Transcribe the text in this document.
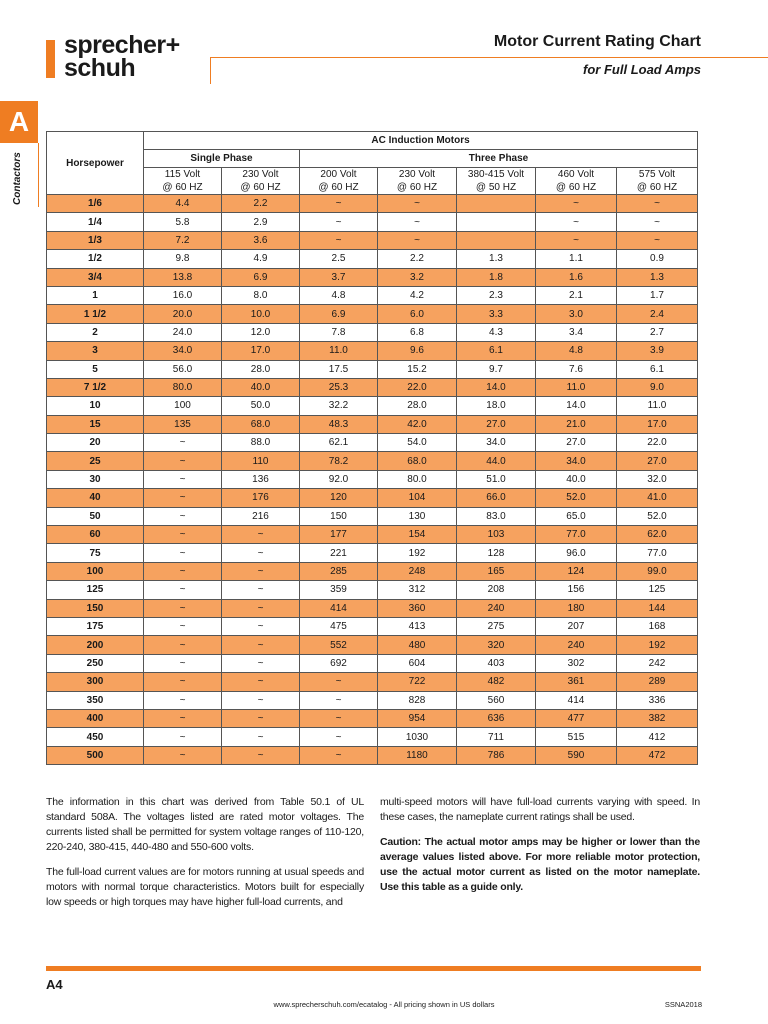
sprecher+
schuh
Motor Current Rating Chart
for Full Load Amps
A
Contactors	Horsepower	AC Induction Motors						
	Single Phase		Three Phase				
	115 Volt	230 Volt	200 Volt	230 Volt	380-415 Volt	460 Volt	575 Volt
	@ 60 HZ	@ 60 HZ	@ 60 HZ	@ 60 HZ	@ 50 HZ	@ 60 HZ	@ 60 HZ
1/6	4.4	2.2	~	~		~	~
1/4	5.8	2.9	~	~		~	~
1/3	7.2	3.6	~	~		~	~
1/2	9.8	4.9	2.5	2.2	1.3	1.1	0.9
3/4	13.8	6.9	3.7	3.2	1.8	1.6	1.3
1	16.0	8.0	4.8	4.2	2.3	2.1	1.7
1 1/2	20.0	10.0	6.9	6.0	3.3	3.0	2.4
2	24.0	12.0	7.8	6.8	4.3	3.4	2.7
3	34.0	17.0	11.0	9.6	6.1	4.8	3.9
5	56.0	28.0	17.5	15.2	9.7	7.6	6.1
7 1/2	80.0	40.0	25.3	22.0	14.0	11.0	9.0
10	100	50.0	32.2	28.0	18.0	14.0	11.0
15	135	68.0	48.3	42.0	27.0	21.0	17.0
20	~	88.0	62.1	54.0	34.0	27.0	22.0
25	~	110	78.2	68.0	44.0	34.0	27.0
30	~	136	92.0	80.0	51.0	40.0	32.0
40	~	176	120	104	66.0	52.0	41.0
50	~	216	150	130	83.0	65.0	52.0
60	~	~	177	154	103	77.0	62.0
75	~	~	221	192	128	96.0	77.0
100	~	~	285	248	165	124	99.0
125	~	~	359	312	208	156	125
150	~	~	414	360	240	180	144
175	~	~	475	413	275	207	168
200	~	~	552	480	320	240	192
250	~	~	692	604	403	302	242
300	~	~	~	722	482	361	289
350	~	~	~	828	560	414	336
400	~	~	~	954	636	477	382
450	~	~	~	1030	711	515	412
500	~	~	~	1180	786	590	472

The information in this chart was derived from Table 50.1 of UL standard 508A. The voltages listed are rated motor voltages. The currents listed shall be permitted for system voltage ranges of 110-120, 220-240, 380-415, 440-480 and 550-600 volts.

The full-load current values are for motors running at usual speeds and motors with normal torque characteristics. Motors built for especially low speeds or high torques may have higher full-load currents, and

multi-speed motors will have full-load currents varying with speed. In these cases, the nameplate current ratings shall be used.

Caution: The actual motor amps may be higher or lower than the average values listed above. For more reliable motor protection, use the actual motor current as listed on the motor nameplate. Use this table as a guide only.

A4
www.sprecherschuh.com/ecatalog - All pricing shown in US dollars	SSNA2018
